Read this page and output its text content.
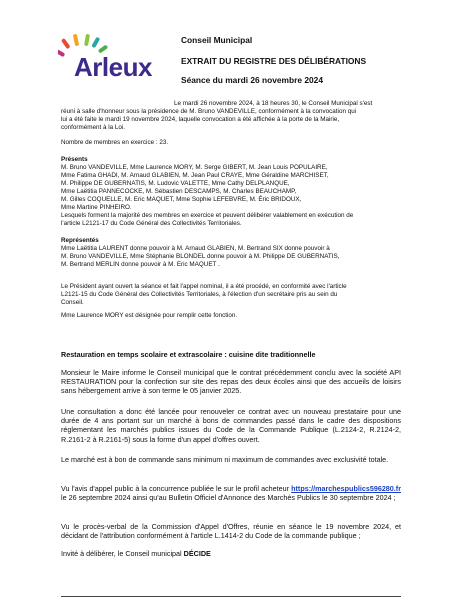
Arleux
Conseil Municipal
EXTRAIT DU REGISTRE DES DÉLIBÉRATIONS
Séance du mardi 26 novembre 2024
Le mardi 26 novembre 2024, à 18 heures 30, le Conseil Municipal s'est
réuni à salle d'honneur sous la présidence de M. Bruno VANDEVILLE, conformément à la convocation qui
lui a été faite le mardi 19 novembre 2024, laquelle convocation a été affichée à la porte de la Mairie,
conformément à la Loi.
Nombre de membres en exercice : 23.
Présents
M. Bruno VANDEVILLE, Mme Laurence MORY, M. Serge GIBERT, M. Jean Louis POPULAIRE,
Mme Fatima GHADI, M. Arnaud GLABIEN, M. Jean Paul CRAYE, Mme Géraldine MARCHISET,
M. Philippe DE GUBERNATIS, M. Ludovic VALETTE, Mme Cathy DELPLANQUE,
Mme Laëtitia PANNECOCKE, M. Sébastien DESCAMPS, M. Charles BEAUCHAMP,
M. Gilles COQUELLE, M. Eric MAQUET, Mme Sophie LEFEBVRE, M. Éric BRIDOUX,
Mme Martine PINHEIRO.
Lesquels forment la majorité des membres en exercice et peuvent délibérer valablement en exécution de
l'article L2121-17 du Code Général des Collectivités Territoriales.
Représentés
Mme Laëtitia LAURENT donne pouvoir à M. Arnaud GLABIEN, M. Bertrand SIX donne pouvoir à
M. Bruno VANDEVILLE, Mme Stéphanie BLONDEL donne pouvoir à M. Philippe DE GUBERNATIS,
M. Bertrand MERLIN donne pouvoir à M. Eric MAQUET .
Le Président ayant ouvert la séance et fait l'appel nominal, il a été procédé, en conformité avec l'article
L2121-15 du Code Général des Collectivités Territoriales, à l'élection d'un secrétaire pris au sein du
Conseil.
Mme Laurence MORY est désignée pour remplir cette fonction.
Restauration en temps scolaire et extrascolaire : cuisine dite traditionnelle
Monsieur le Maire informe le Conseil municipal que le contrat précédemment conclu avec la société API RESTAURATION pour la confection sur site des repas des deux écoles ainsi que des accueils de loisirs sans hébergement arrive à son terme le 05 janvier 2025.
Une consultation a donc été lancée pour renouveler ce contrat avec un nouveau prestataire pour une durée de 4 ans portant sur un marché à bons de commandes passé dans le cadre des dispositions réglementant les marchés publics issues du Code de la Commande Publique (L.2124-2, R.2124-2, R.2161-2 à R.2161-5) sous la forme d'un appel d'offres ouvert.
Le marché est à bon de commande sans minimum ni maximum de commandes avec exclusivité totale.
Vu l'avis d'appel public à la concurrence publiée le sur le profil acheteur https://marchespublics596280.fr le 26 septembre 2024 ainsi qu'au Bulletin Officiel d'Annonce des Marchés Publics le 30 septembre 2024 ;
Vu le procès-verbal de la Commission d'Appel d'Offres, réunie en séance le 19 novembre 2024, et décidant de l'attribution conformément à l'article L.1414-2 du Code de la commande publique ;
Invité à délibérer, le Conseil municipal DÉCIDE
